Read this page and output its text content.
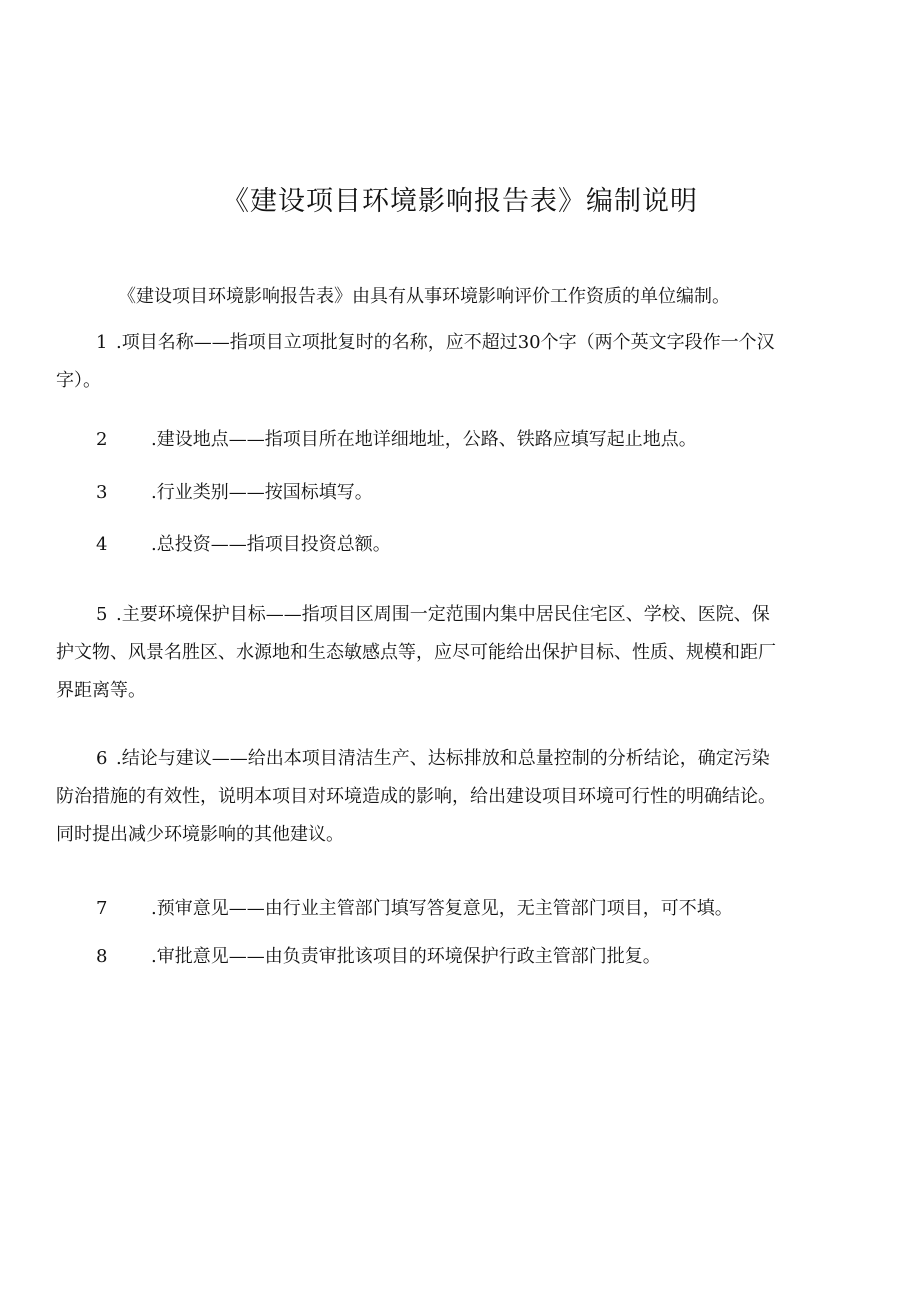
《建设项目环境影响报告表》编制说明
《建设项目环境影响报告表》由具有从事环境影响评价工作资质的单位编制。
1 .项目名称——指项目立项批复时的名称，应不超过30个字（两个英文字段作一个汉
字）。
2 .建设地点——指项目所在地详细地址，公路、铁路应填写起止地点。
3 .行业类别——按国标填写。
4 .总投资——指项目投资总额。
5 .主要环境保护目标——指项目区周围一定范围内集中居民住宅区、学校、医院、保
护文物、风景名胜区、水源地和生态敏感点等，应尽可能给出保护目标、性质、规模和距厂
界距离等。
6 .结论与建议——给出本项目清洁生产、达标排放和总量控制的分析结论，确定污染
防治措施的有效性，说明本项目对环境造成的影响，给出建设项目环境可行性的明确结论。
同时提出减少环境影响的其他建议。
7 .预审意见——由行业主管部门填写答复意见，无主管部门项目，可不填。
8 .审批意见——由负责审批该项目的环境保护行政主管部门批复。
